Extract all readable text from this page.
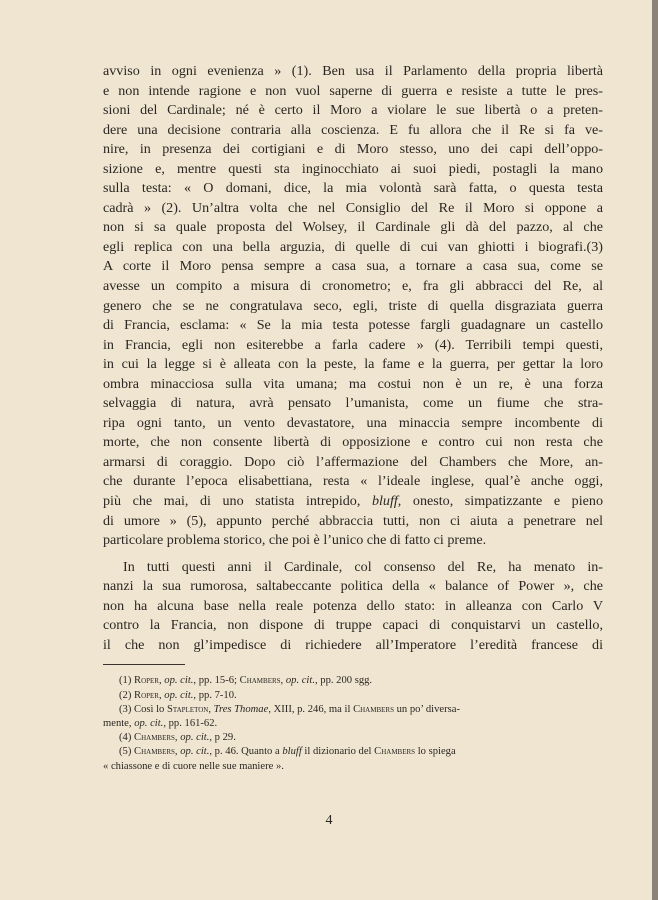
avviso in ogni evenienza » (1). Ben usa il Parlamento della propria libertà
e non intende ragione e non vuol saperne di guerra e resiste a tutte le pres-
sioni del Cardinale; né è certo il Moro a violare le sue libertà o a preten-
dere una decisione contraria alla coscienza. E fu allora che il Re si fa ve-
nire, in presenza dei cortigiani e di Moro stesso, uno dei capi dell’oppo-
sizione e, mentre questi sta inginocchiato ai suoi piedi, postagli la mano
sulla testa: « O domani, dice, la mia volontà sarà fatta, o questa testa
cadrà » (2). Un’altra volta che nel Consiglio del Re il Moro si oppone a
non si sa quale proposta del Wolsey, il Cardinale gli dà del pazzo, al che
egli replica con una bella arguzia, di quelle di cui van ghiotti i biografi.(3)
A corte il Moro pensa sempre a casa sua, a tornare a casa sua, come se
avesse un compito a misura di cronometro; e, fra gli abbracci del Re, al
genero che se ne congratulava seco, egli, triste di quella disgraziata guerra
di Francia, esclama: « Se la mia testa potesse fargli guadagnare un castello
in Francia, egli non esiterebbe a farla cadere » (4). Terribili tempi questi,
in cui la legge si è alleata con la peste, la fame e la guerra, per gettar la loro
ombra minacciosa sulla vita umana; ma costui non è un re, è una forza
selvaggia di natura, avrà pensato l’umanista, come un fiume che stra-
ripa ogni tanto, un vento devastatore, una minaccia sempre incombente di
morte, che non consente libertà di opposizione e contro cui non resta che
armarsi di coraggio. Dopo ciò l’affermazione del Chambers che More, an-
che durante l’epoca elisabettiana, resta « l’ideale inglese, qual’è anche oggi,
più che mai, di uno statista intrepido, bluff, onesto, simpatizzante e pieno
di umore » (5), appunto perché abbraccia tutti, non ci aiuta a penetrare nel
particolare problema storico, che poi è l’unico che di fatto ci preme.
In tutti questi anni il Cardinale, col consenso del Re, ha menato in-
nanzi la sua rumorosa, saltabeccante politica della « balance of Power », che
non ha alcuna base nella reale potenza dello stato: in alleanza con Carlo V
contro la Francia, non dispone di truppe capaci di conquistarvi un castello,
il che non gl’impedisce di richiedere all’Imperatore l’eredità francese di
(1) Roper, op. cit., pp. 15-6; Chambers, op. cit., pp. 200 sgg.
(2) Roper, op. cit., pp. 7-10.
(3) Così lo Stapleton, Tres Thomae, XIII, p. 246, ma il Chambers un po’ diversa-
mente, op. cit., pp. 161-62.
(4) Chambers, op. cit., p 29.
(5) Chambers, op. cit., p. 46. Quanto a bluff il dizionario del Chambers lo spiega
« chiassone e di cuore nelle sue maniere ».
4
